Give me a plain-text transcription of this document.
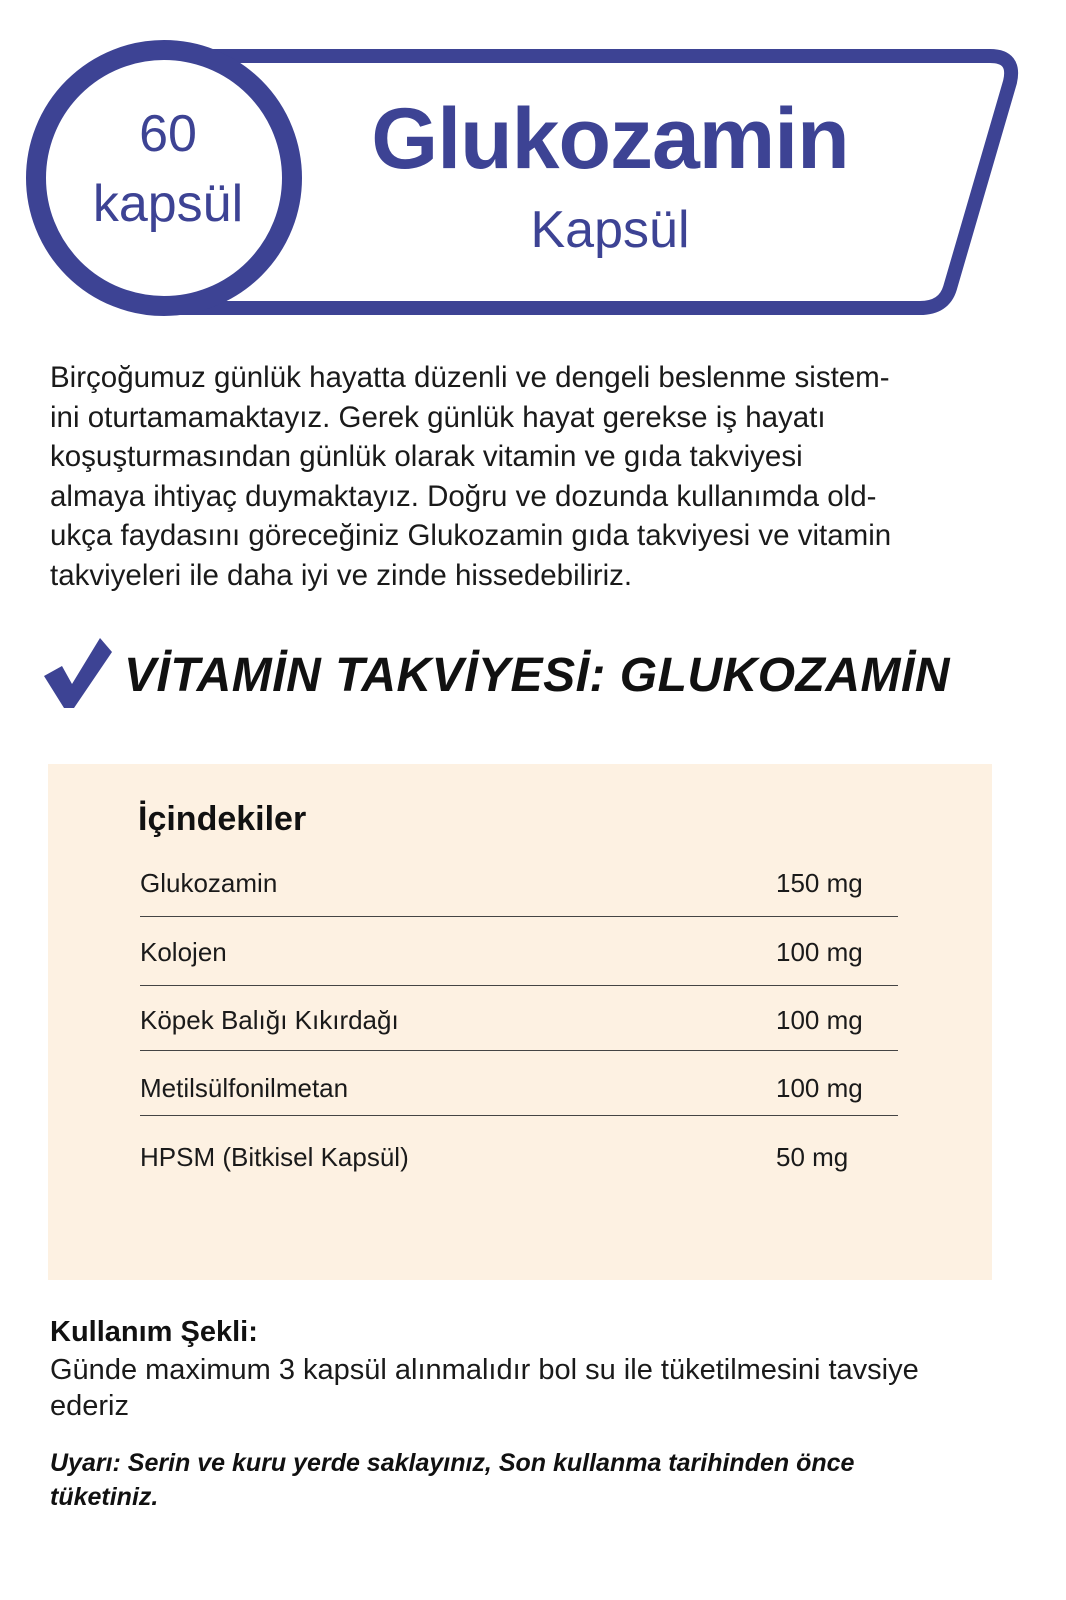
60
kapsül
Glukozamin
Kapsül

Birçoğumuz günlük hayatta düzenli ve dengeli beslenme sistem-
ini oturtamamaktayız. Gerek günlük hayat gerekse iş hayatı
koşuşturmasından günlük olarak vitamin ve gıda takviyesi
almaya ihtiyaç duymaktayız. Doğru ve dozunda kullanımda old-
ukça faydasını göreceğiniz Glukozamin gıda takviyesi ve vitamin
takviyeleri ile daha iyi ve zinde hissedebiliriz.

VİTAMİN TAKVİYESİ: GLUKOZAMİN
İçindekiler
Glukozamin	150 mg
Kolojen	100 mg
Köpek Balığı Kıkırdağı	100 mg
Metilsülfonilmetan	100 mg
HPSM (Bitkisel Kapsül)	50 mg
Kullanım Şekli:

Günde maximum 3 kapsül alınmalıdır bol su ile tüketilmesini tavsiye
ederiz

Uyarı: Serin ve kuru yerde saklayınız, Son kullanma tarihinden önce
tüketiniz.
